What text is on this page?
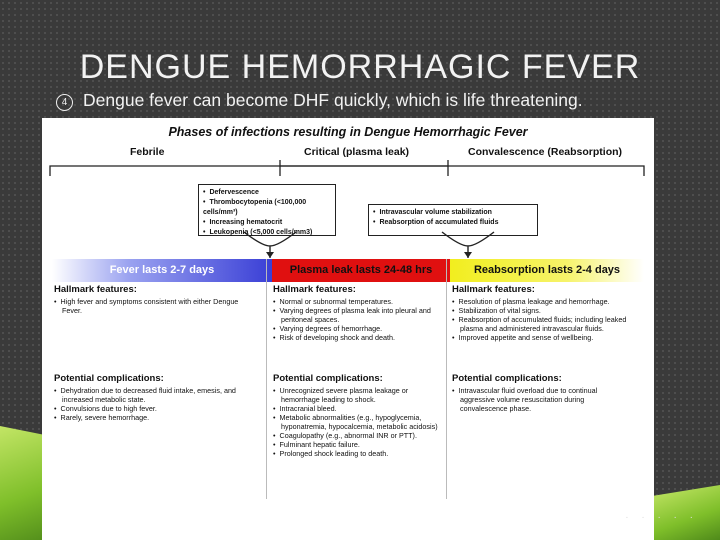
DENGUE HEMORRHAGIC FEVER
4 Dengue fever can become DHF quickly, which is life threatening.
Phases of infections resulting in Dengue Hemorrhagic Fever
Febrile	Critical (plasma leak)	Convalescence (Reabsorption)
• Defervescence
• Thrombocytopenia (<100,000 cells/mm³)
• Increasing hematocrit
• Leukopenia (<5,000 cells/mm3)
• Intravascular volume stabilization
• Reabsorption of accumulated fluids
Fever lasts 2-7 days	Plasma leak lasts 24-48 hrs	Reabsorption lasts 2-4 days
Hallmark features:
• High fever and symptoms consistent with either Dengue Fever.
Hallmark features:
• Normal or subnormal temperatures.
• Varying degrees of plasma leak into pleural and peritoneal spaces.
• Varying degrees of hemorrhage.
• Risk of developing shock and death.
Hallmark features:
• Resolution of plasma leakage and hemorrhage.
• Stabilization of vital signs.
• Reabsorption of accumulated fluids; including leaked plasma and administered intravascular fluids.
• Improved appetite and sense of wellbeing.
Potential complications:
• Dehydration due to decreased fluid intake, emesis, and increased metabolic state.
• Convulsions due to high fever.
• Rarely, severe hemorrhage.
Potential complications:
• Unrecognized severe plasma leakage or hemorrhage leading to shock.
• Intracranial bleed.
• Metabolic abnormalities (e.g., hypoglycemia, hyponatremia, hypocalcemia, metabolic acidosis)
• Coagulopathy (e.g., abnormal INR or PTT).
• Fulminant hepatic failure.
• Prolonged shock leading to death.
Potential complications:
• Intravascular fluid overload due to continual aggressive volume resuscitation during convalescence phase.
· · · · ·
